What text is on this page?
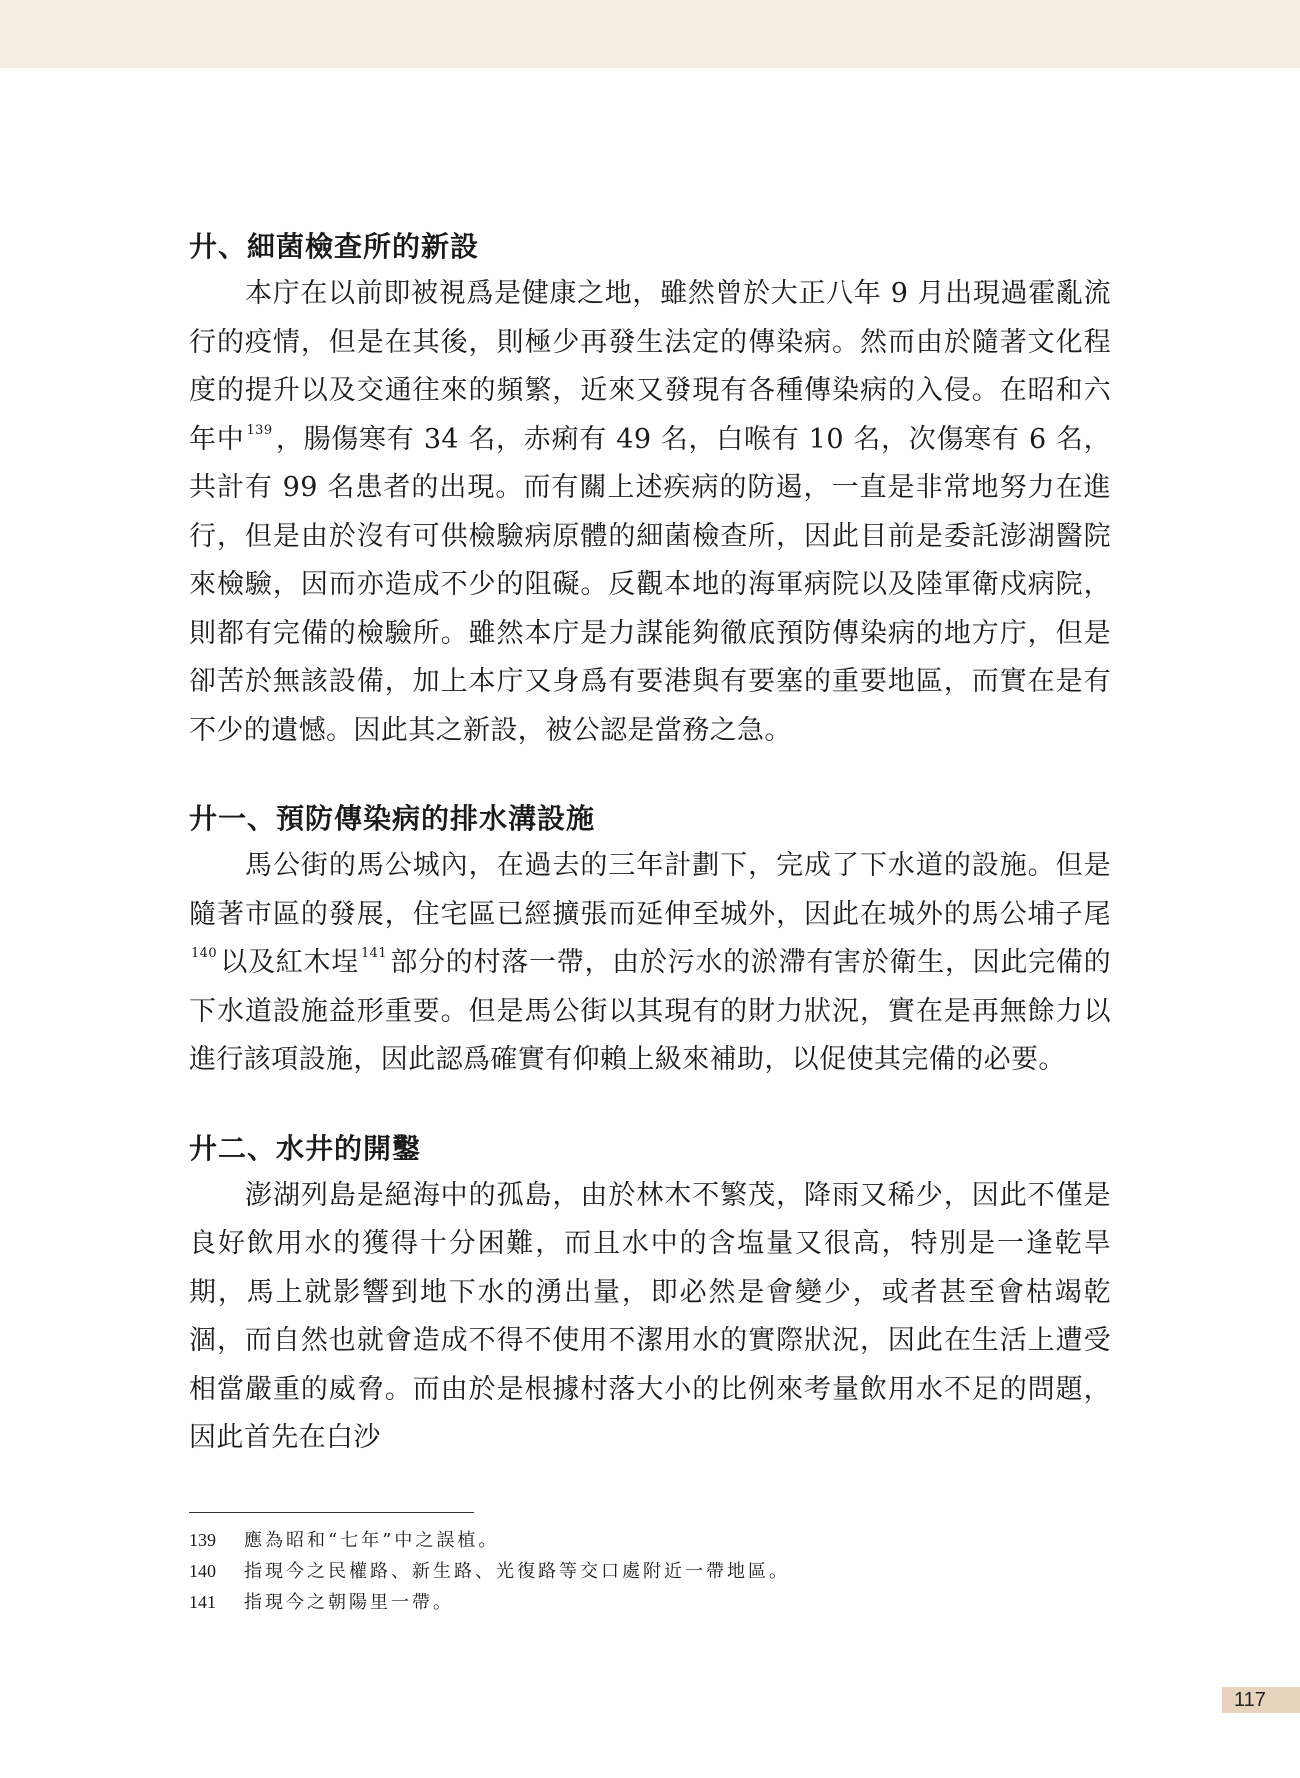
廾、細菌檢查所的新設

本庁在以前即被視爲是健康之地，雖然曾於大正八年 9 月出現過霍亂流行的疫情，但是在其後，則極少再發生法定的傳染病。然而由於隨著文化程度的提升以及交通往來的頻繁，近來又發現有各種傳染病的入侵。在昭和六年中 $^{139}$ ，腸傷寒有 34 名，赤痢有 49 名，白喉有 10 名，次傷寒有 6 名，共計有 99 名患者的出現。而有關上述疾病的防遏，一直是非常地努力在進行，但是由於沒有可供檢驗病原體的細菌檢查所，因此目前是委託澎湖醫院來檢驗，因而亦造成不少的阻礙。反觀本地的海軍病院以及陸軍衛戍病院，則都有完備的檢驗所。雖然本庁是力謀能夠徹底預防傳染病的地方庁，但是卻苦於無該設備，加上本庁又身爲有要港與有要塞的重要地區，而實在是有不少的遺憾。因此其之新設，被公認是當務之急。

廾一、預防傳染病的排水溝設施

馬公街的馬公城內，在過去的三年計劃下，完成了下水道的設施。但是隨著市區的發展，住宅區已經擴張而延伸至城外，因此在城外的馬公埔子尾$^{140}$ 以及紅木埕 $^{141}$ 部分的村落一帶，由於污水的淤滯有害於衛生，因此完備的下水道設施益形重要。但是馬公街以其現有的財力狀況，實在是再無餘力以進行該項設施，因此認爲確實有仰賴上級來補助，以促使其完備的必要。

廾二、水井的開鑿

澎湖列島是絕海中的孤島，由於林木不繁茂，降雨又稀少，因此不僅是良好飲用水的獲得十分困難，而且水中的含塩量又很高，特別是一逢乾旱期，馬上就影響到地下水的湧出量，即必然是會變少，或者甚至會枯竭乾涸，而自然也就會造成不得不使用不潔用水的實際狀況，因此在生活上遭受相當嚴重的威脅。而由於是根據村落大小的比例來考量飲用水不足的問題，因此首先在白沙

139 應為昭和“七年”中之誤植。

140 指現今之民權路、新生路、光復路等交口處附近一帶地區。

141 指現今之朝陽里一帶。

117
